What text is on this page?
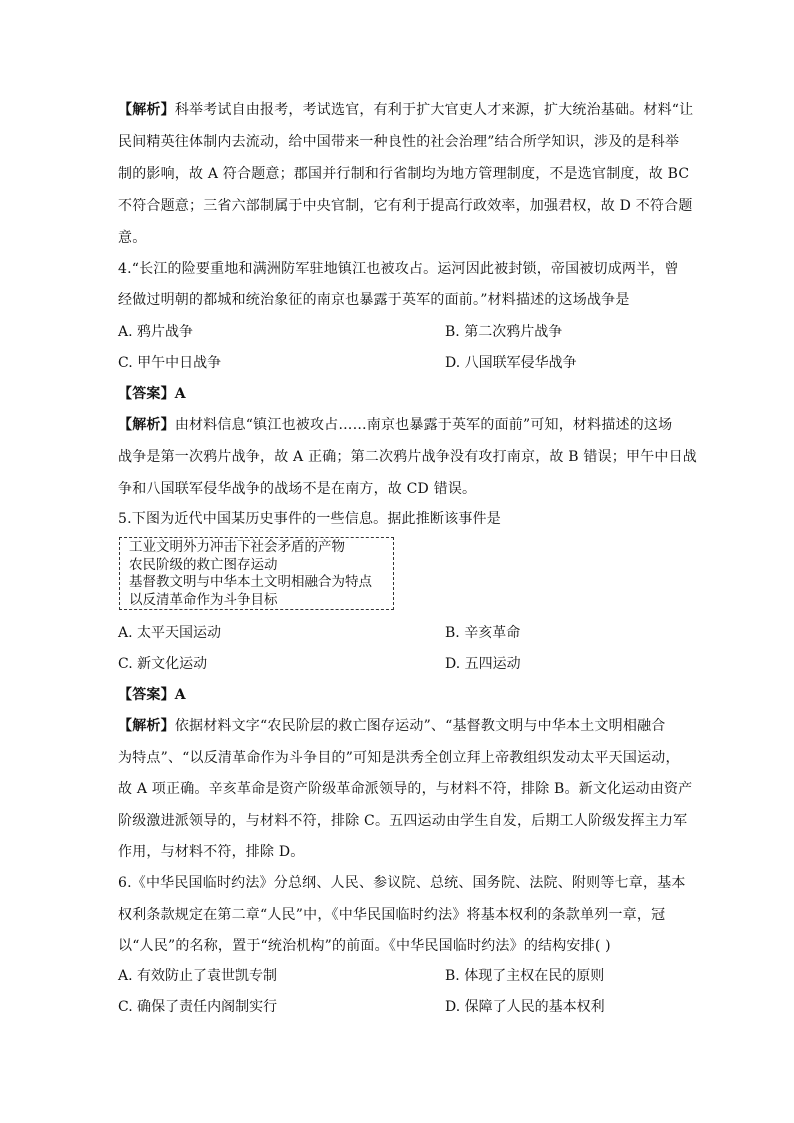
【解析】科举考试自由报考，考试选官，有利于扩大官吏人才来源，扩大统治基础。材料“让
民间精英往体制内去流动，给中国带来一种良性的社会治理”结合所学知识，涉及的是科举
制的影响，故 A 符合题意；郡国并行制和行省制均为地方管理制度，不是选官制度，故 BC
不符合题意；三省六部制属于中央官制，它有利于提高行政效率，加强君权，故 D 不符合题
意。
4.“长江的险要重地和满洲防军驻地镇江也被攻占。运河因此被封锁，帝国被切成两半，曾
经做过明朝的都城和统治象征的南京也暴露于英军的面前。”材料描述的这场战争是
A. 鸦片战争	B. 第二次鸦片战争
C. 甲午中日战争	D. 八国联军侵华战争
【答案】A
【解析】由材料信息“镇江也被攻占……南京也暴露于英军的面前”可知，材料描述的这场
战争是第一次鸦片战争，故 A 正确；第二次鸦片战争没有攻打南京，故 B 错误；甲午中日战
争和八国联军侵华战争的战场不是在南方，故 CD 错误。
5.下图为近代中国某历史事件的一些信息。据此推断该事件是
工业文明外力冲击下社会矛盾的产物
农民阶级的救亡图存运动
基督教文明与中华本土文明相融合为特点
以反清革命作为斗争目标
A. 太平天国运动	B. 辛亥革命
C. 新文化运动	D. 五四运动
【答案】A
【解析】依据材料文字“农民阶层的救亡图存运动”、“基督教文明与中华本土文明相融合
为特点”、“以反清革命作为斗争目的”可知是洪秀全创立拜上帝教组织发动太平天国运动，
故 A 项正确。辛亥革命是资产阶级革命派领导的，与材料不符，排除 B。新文化运动由资产
阶级激进派领导的，与材料不符，排除 C。五四运动由学生自发，后期工人阶级发挥主力军
作用，与材料不符，排除 D。
6.《中华民国临时约法》分总纲、人民、参议院、总统、国务院、法院、附则等七章，基本
权利条款规定在第二章“人民”中，《中华民国临时约法》将基本权利的条款单列一章，冠
以“人民”的名称，置于“统治机构”的前面。《中华民国临时约法》的结构安排( )
A. 有效防止了袁世凯专制	B. 体现了主权在民的原则
C. 确保了责任内阁制实行	D. 保障了人民的基本权利
